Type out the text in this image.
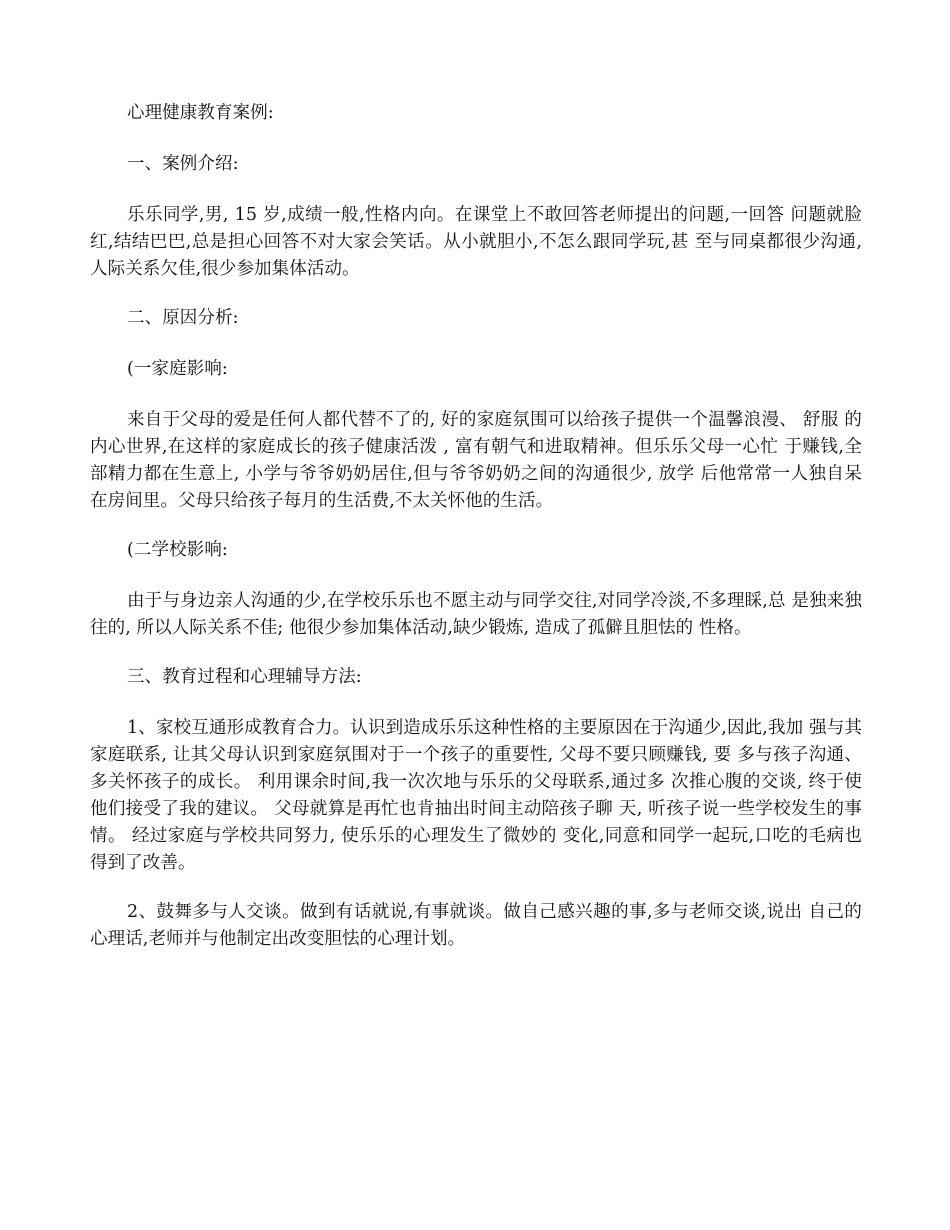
心理健康教育案例:

一、案例介绍:

乐乐同学,男, 15 岁,成绩一般,性格内向。在课堂上不敢回答老师提出的问题,一回答 问题就脸红,结结巴巴,总是担心回答不对大家会笑话。从小就胆小,不怎么跟同学玩,甚 至与同桌都很少沟通,人际关系欠佳,很少参加集体活动。

二、原因分析:

(一家庭影响:

来自于父母的爱是任何人都代替不了的, 好的家庭氛围可以给孩子提供一个温馨浪漫、 舒服 的内心世界,在这样的家庭成长的孩子健康活泼 , 富有朝气和进取精神。但乐乐父母一心忙 于赚钱,全部精力都在生意上, 小学与爷爷奶奶居住,但与爷爷奶奶之间的沟通很少, 放学 后他常常一人独自呆在房间里。父母只给孩子每月的生活费,不太关怀他的生活。

(二学校影响:

由于与身边亲人沟通的少,在学校乐乐也不愿主动与同学交往,对同学冷淡,不多理睬,总 是独来独往的, 所以人际关系不佳; 他很少参加集体活动,缺少锻炼, 造成了孤僻且胆怯的 性格。

三、教育过程和心理辅导方法:

1、家校互通形成教育合力。认识到造成乐乐这种性格的主要原因在于沟通少,因此,我加 强与其家庭联系, 让其父母认识到家庭氛围对于一个孩子的重要性, 父母不要只顾赚钱, 要 多与孩子沟通、 多关怀孩子的成长。 利用课余时间,我一次次地与乐乐的父母联系,通过多 次推心腹的交谈, 终于使他们接受了我的建议。 父母就算是再忙也肯抽出时间主动陪孩子聊 天, 听孩子说一些学校发生的事情。 经过家庭与学校共同努力, 使乐乐的心理发生了微妙的 变化,同意和同学一起玩,口吃的毛病也得到了改善。

2、鼓舞多与人交谈。做到有话就说,有事就谈。做自己感兴趣的事,多与老师交谈,说出 自己的心理话,老师并与他制定出改变胆怯的心理计划。
